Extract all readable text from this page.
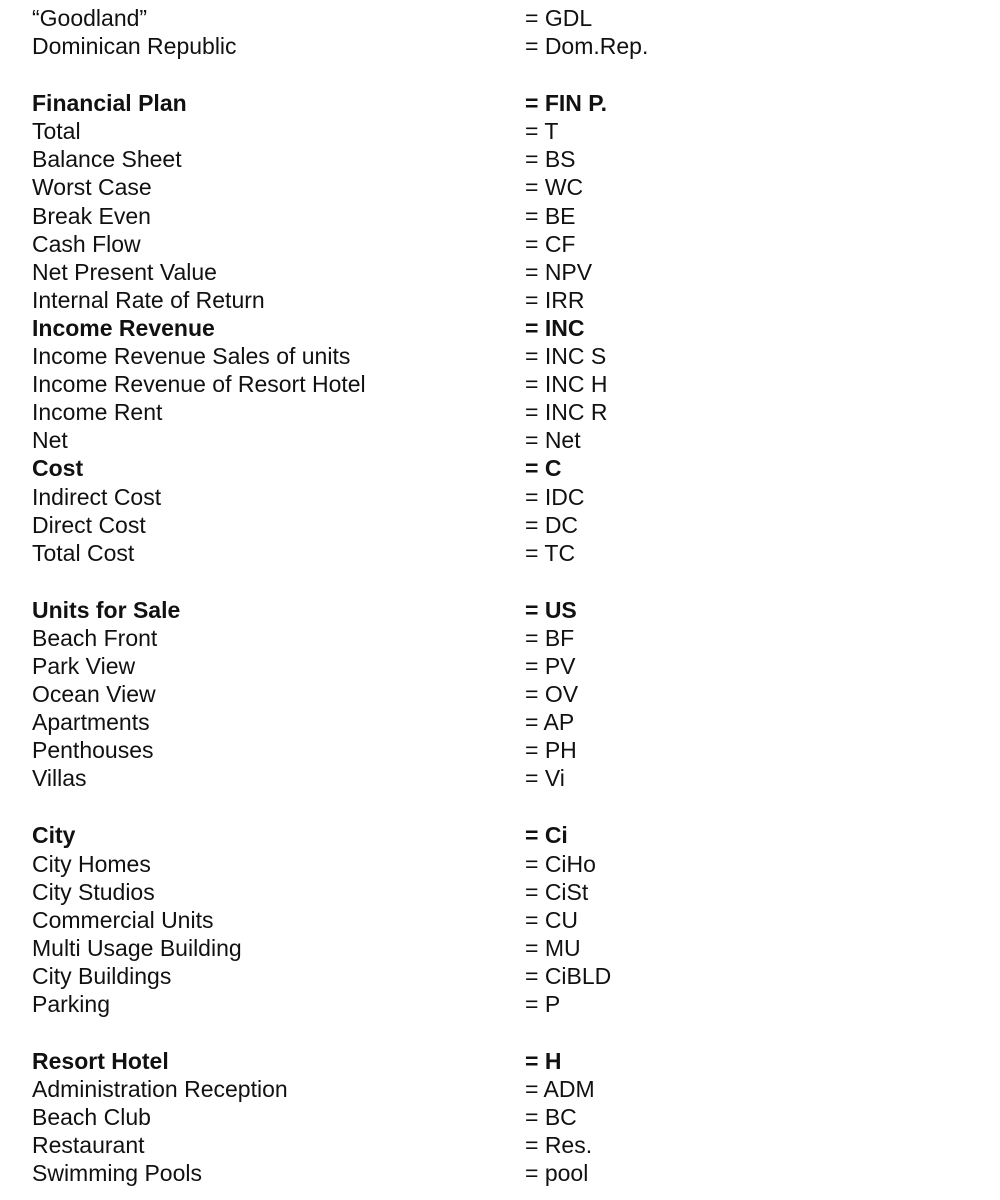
“Goodland”	= GDL
Dominican Republic	= Dom.Rep.
Financial Plan	= FIN P.
Total	= T
Balance Sheet	= BS
Worst Case	= WC
Break Even	= BE
Cash Flow	= CF
Net Present Value	= NPV
Internal Rate of Return	= IRR
Income Revenue	= INC
Income Revenue Sales of units	= INC S
Income Revenue of Resort Hotel	= INC H
Income Rent	= INC R
Net	= Net
Cost	= C
Indirect Cost	= IDC
Direct Cost	= DC
Total Cost	= TC
Units for Sale	= US
Beach Front	= BF
Park View	= PV
Ocean View	= OV
Apartments	= AP
Penthouses	= PH
Villas	= Vi
City	= Ci
City Homes	= CiHo
City Studios	= CiSt
Commercial Units	= CU
Multi Usage Building	= MU
City Buildings	= CiBLD
Parking	= P
Resort Hotel	= H
Administration Reception	= ADM
Beach Club	= BC
Restaurant	= Res.
Swimming Pools	= pool
